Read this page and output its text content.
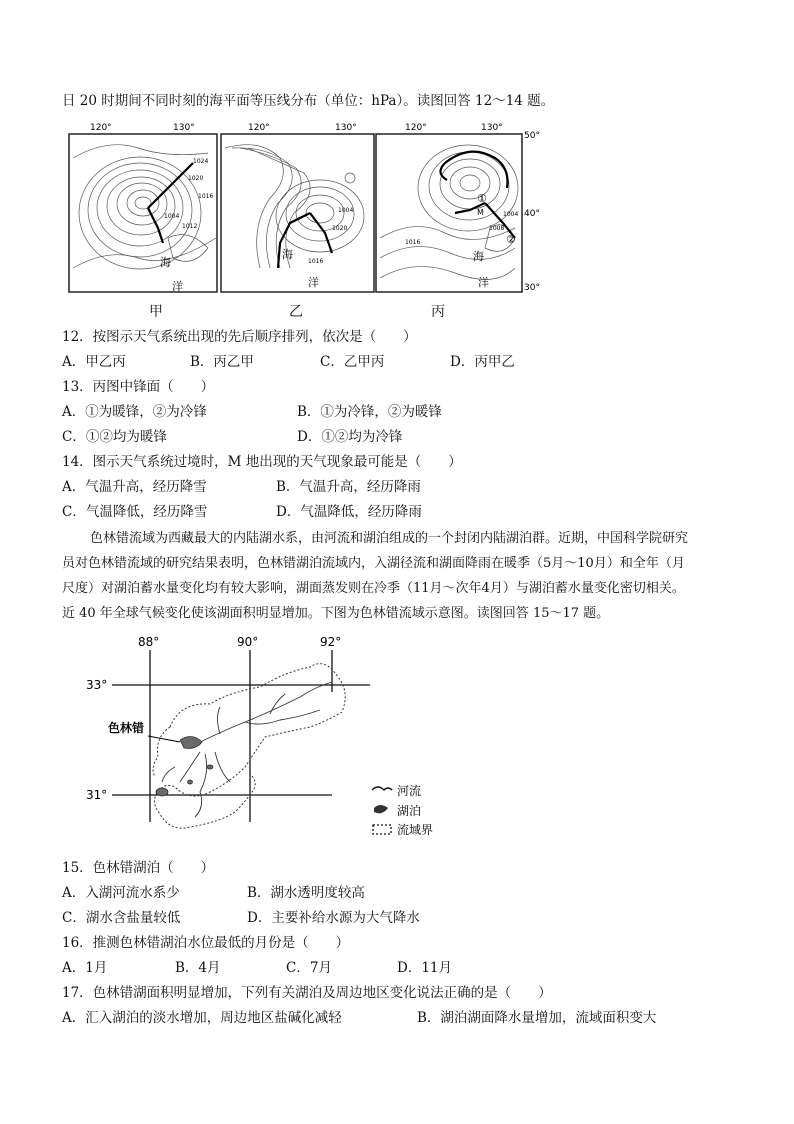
日 20 时期间不同时刻的海平面等压线分布（单位：hPa）。读图回答 12～14 题。
120°	130°
1024
1020
1016
1004
1012
海
洋
120°	130°
1004
1020
1016
海
洋
120°	130°
50°
40°
30°
①
②
M	1004
1008
1016
海
洋
甲	乙	丙
12．按图示天气系统出现的先后顺序排列，依次是（　　）
A．甲乙丙	B．丙乙甲	C．乙甲丙	D．丙甲乙
13．丙图中锋面（　　）
A．①为暖锋，②为冷锋	B．①为冷锋，②为暖锋
C．①②均为暖锋	D．①②均为冷锋
14．图示天气系统过境时，M 地出现的天气现象最可能是（　　）
A．气温升高，经历降雪	B．气温升高，经历降雨
C．气温降低，经历降雪	D．气温降低，经历降雨
色林错流域为西藏最大的内陆湖水系，由河流和湖泊组成的一个封闭内陆湖泊群。近期，中国科学院研究
员对色林错流域的研究结果表明，色林错湖泊流域内，入湖径流和湖面降雨在暖季（5月～10月）和全年（月
尺度）对湖泊蓄水量变化均有较大影响，湖面蒸发则在冷季（11月～次年4月）与湖泊蓄水量变化密切相关。
近 40 年全球气候变化使该湖面积明显增加。下图为色林错流域示意图。读图回答 15～17 题。
88°	90°	92°
33°
31°
色林错
河流
湖泊
流域界
15．色林错湖泊（　　）
A．入湖河流水系少	B．湖水透明度较高
C．湖水含盐量较低	D．主要补给水源为大气降水
16．推测色林错湖泊水位最低的月份是（　　）
A．1月	B．4月	C．7月	D．11月
17．色林错湖面积明显增加，下列有关湖泊及周边地区变化说法正确的是（　　）
A．汇入湖泊的淡水增加，周边地区盐碱化减轻	B．湖泊湖面降水量增加，流域面积变大
